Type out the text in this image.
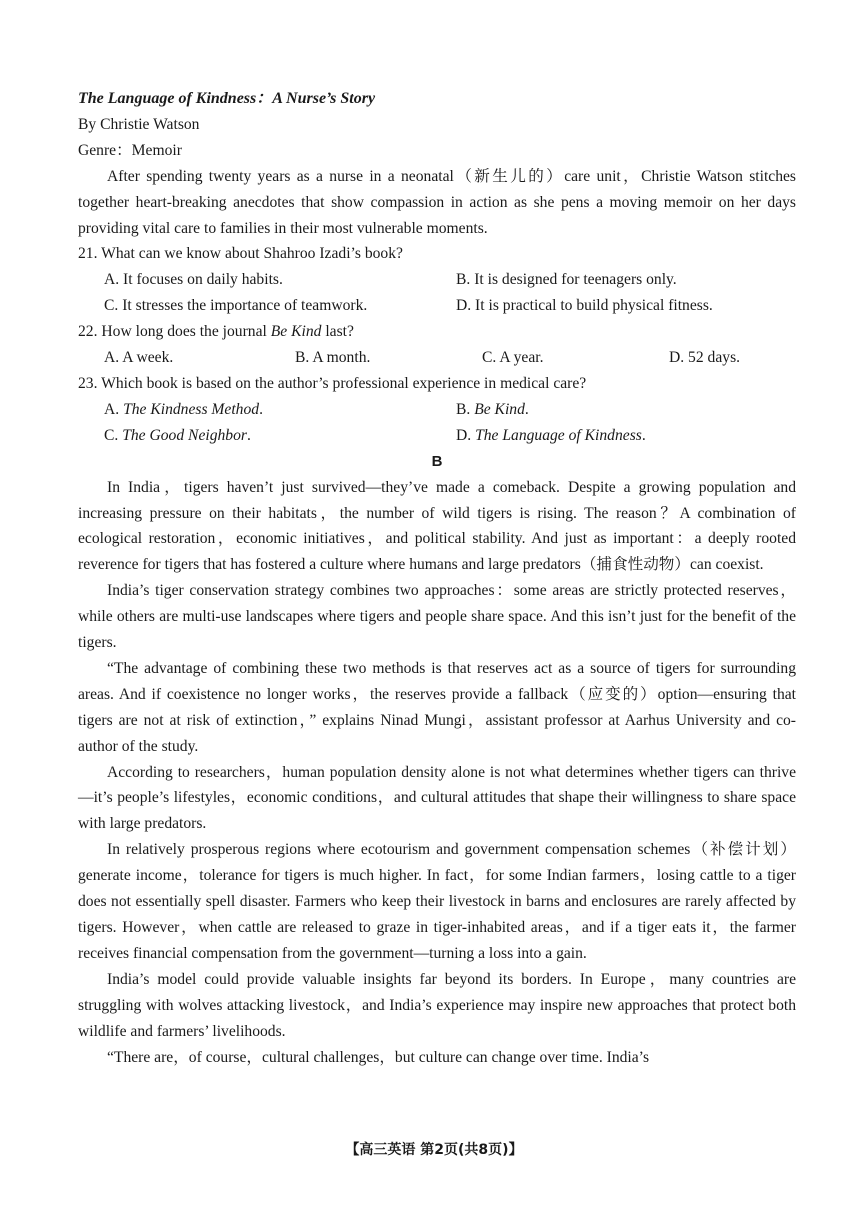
The Language of Kindness：A Nurse’s Story

By Christie Watson

Genre：Memoir

After spending twenty years as a nurse in a neonatal（新生儿的）care unit，Christie Watson stitches together heart-breaking anecdotes that show compassion in action as she pens a moving memoir on her days providing vital care to families in their most vulnerable moments.

21. What can we know about Shahroo Izadi’s book?

A. It focuses on daily habits.	B. It is designed for teenagers only.
C. It stresses the importance of teamwork.	D. It is practical to build physical fitness.

22. How long does the journal Be Kind last?

A. A week.	B. A month.	C. A year.	D. 52 days.

23. Which book is based on the author’s professional experience in medical care?

A. The Kindness Method.	B. Be Kind.
C. The Good Neighbor.	D. The Language of Kindness.

B

In India，tigers haven’t just survived—they’ve made a comeback. Despite a growing population and increasing pressure on their habitats，the number of wild tigers is rising. The reason？A combination of ecological restoration，economic initiatives，and political stability. And just as important：a deeply rooted reverence for tigers that has fostered a culture where humans and large predators（捕食性动物）can coexist.

India’s tiger conservation strategy combines two approaches：some areas are strictly protected reserves，while others are multi-use landscapes where tigers and people share space. And this isn’t just for the benefit of the tigers.

“The advantage of combining these two methods is that reserves act as a source of tigers for surrounding areas. And if coexistence no longer works，the reserves provide a fallback（应变的）option—ensuring that tigers are not at risk of extinction，” explains Ninad Mungi，assistant professor at Aarhus University and co-author of the study.

According to researchers，human population density alone is not what determines whether tigers can thrive—it’s people’s lifestyles，economic conditions，and cultural attitudes that shape their willingness to share space with large predators.

In relatively prosperous regions where ecotourism and government compensation schemes（补偿计划）generate income，tolerance for tigers is much higher. In fact，for some Indian farmers，losing cattle to a tiger does not essentially spell disaster. Farmers who keep their livestock in barns and enclosures are rarely affected by tigers. However，when cattle are released to graze in tiger-inhabited areas，and if a tiger eats it，the farmer receives financial compensation from the government—turning a loss into a gain.

India’s model could provide valuable insights far beyond its borders. In Europe，many countries are struggling with wolves attacking livestock，and India’s experience may inspire new approaches that protect both wildlife and farmers’ livelihoods.

“There are，of course，cultural challenges，but culture can change over time. India’s

【高三英语 第2页(共8页)】
